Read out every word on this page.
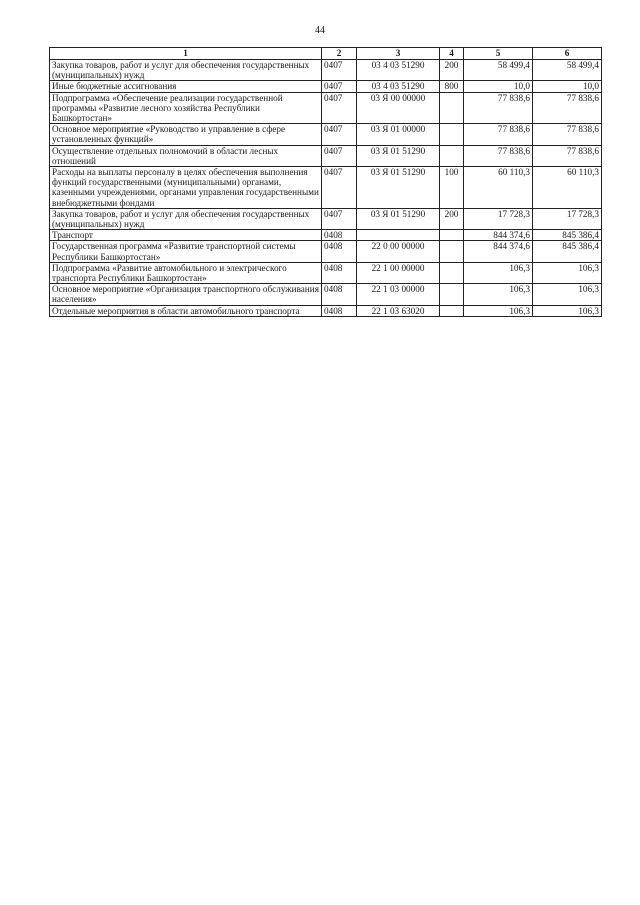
44
1	2	3	4	5	6
Закупка товаров, работ и услуг для обеспечения государственных (муниципальных) нужд	0407	03 4 03 51290	200	58 499,4	58 499,4
Иные бюджетные ассигнования	0407	03 4 03 51290	800	10,0	10,0
Подпрограмма «Обеспечение реализации государственной программы «Развитие лесного хозяйства Республики Башкортостан»	0407	03 Я 00 00000		77 838,6	77 838,6
Основное мероприятие «Руководство и управление в сфере установленных функций»	0407	03 Я 01 00000		77 838,6	77 838,6
Осуществление отдельных полномочий в области лесных отношений	0407	03 Я 01 51290		77 838,6	77 838,6
Расходы на выплаты персоналу в целях обеспечения выполнения функций государственными (муниципальными) органами, казенными учреждениями, органами управления государственными внебюджетными фондами	0407	03 Я 01 51290	100	60 110,3	60 110,3
Закупка товаров, работ и услуг для обеспечения государственных (муниципальных) нужд	0407	03 Я 01 51290	200	17 728,3	17 728,3
Транспорт	0408			844 374,6	845 386,4
Государственная программа «Развитие транспортной системы Республики Башкортостан»	0408	22 0 00 00000		844 374,6	845 386,4
Подпрограмма «Развитие автомобильного и электрического транспорта Республики Башкортостан»	0408	22 1 00 00000		106,3	106,3
Основное мероприятие «Организация транспортного обслуживания населения»	0408	22 1 03 00000		106,3	106,3
Отдельные мероприятия в области автомобильного транспорта	0408	22 1 03 63020		106,3	106,3
